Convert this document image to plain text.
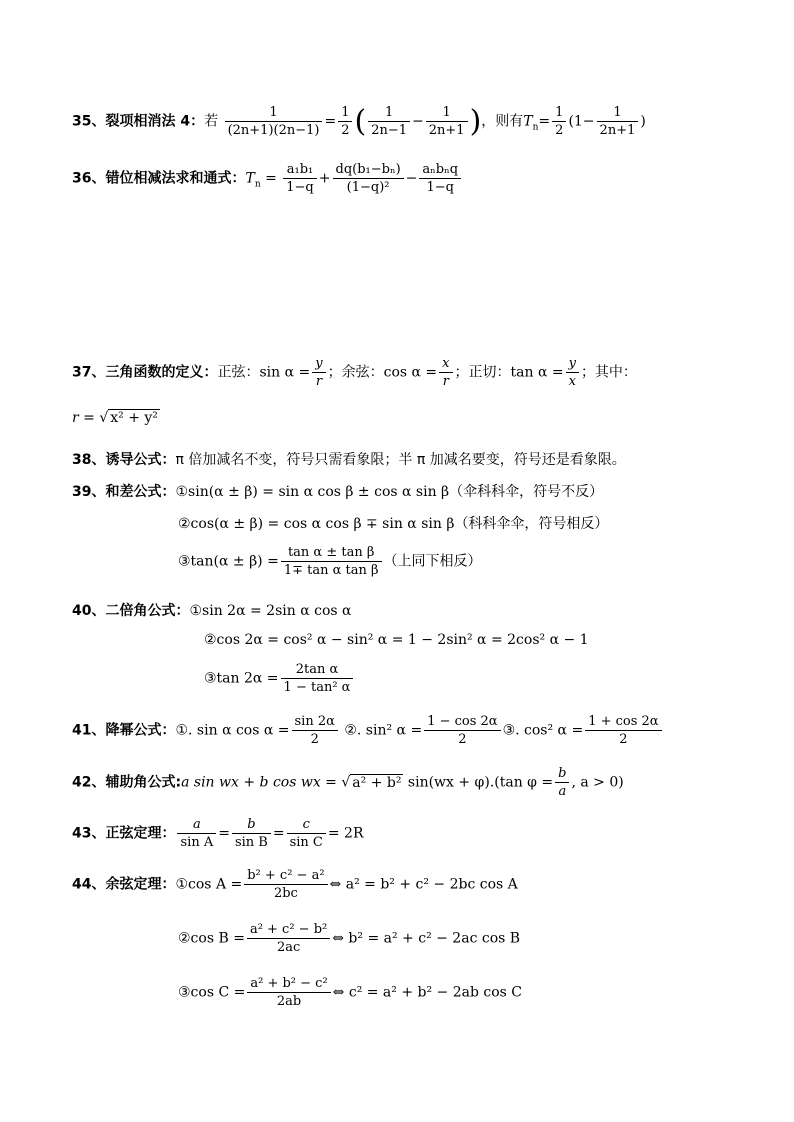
35、裂项相消法 4：若 $\frac{1}{(2n+1)(2n-1)} = \frac{1}{2}$ ( $\frac{1}{2n-1} - \frac{1}{2n+1}$ )，则有$T_n= \frac{1}{2} (1- \frac{1}{2n+1}$ )
36、错位相减法求和通式：$T_n = \frac{\text{a₁b₁}}{1-q} + \frac{\text{dq(b₁−bₙ)}}{\text{(1−q)²}}$ −
aₙbₙq
1−q
37、三角函数的定义：正弦：$\sin \alpha = \frac{y}{r}$ ；余弦：$\cos \alpha = \frac{x}{r}$ ；正切：$\tan \alpha = \frac{y}{x}$ ；其中：
r = √ x² + y²
38、诱导公式：π 倍加减名不变，符号只需看象限；半 π 加减名要变，符号还是看象限。
39、和差公式：①sin(α ± β) = sin α cos β ± cos α sin β（伞科科伞，符号不反）
②cos(α ± β) = cos α cos β ∓ sin α sin β（科科伞伞，符号相反）
③tan(α ± $\beta) = \frac{\text{tan α ± tan β}}{\text{1∓ tan α tan β}}$ （上同下相反）
40、二倍角公式：①sin 2α = 2sin α cos α
②cos 2α = cos² α − sin² α = 1 − 2sin² α = 2cos² α − 1
③tan $2\alpha = \frac{\text{2tan α}}{\text{1 − tan² α}}$
41、降幂公式：①. sin α $\cos \alpha = \frac{\sin 2\alpha}{2}$ ②. sin² $\alpha = \frac{1 - \cos 2\alpha}{2}$ ③. cos² $\alpha = \frac{1 + \cos 2\alpha}{2}$
42、辅助角公式:a sin wx + b cos wx = √ a² + b² sin(wx + φ).(tan $\varphi = \frac{b}{a}$ , a > 0)
43、正弦定理： $\frac{a}{\text{sin A}} = \frac{b}{\text{sin B}} = \frac{c}{\text{sin C}} = 2R$
44、余弦定理：①cos $A = \frac{\text{b² + c² − a²}}{2bc}$ ⇔ a² = b² + c² − 2bc cos A
②cos $B = \frac{\text{a² + c² − b²}}{2ac}$ ⇔ b² = a² + c² − 2ac cos B
③cos $C = \frac{\text{a² + b² − c²}}{2ab}$ ⇔ c² = a² + b² − 2ab cos C
